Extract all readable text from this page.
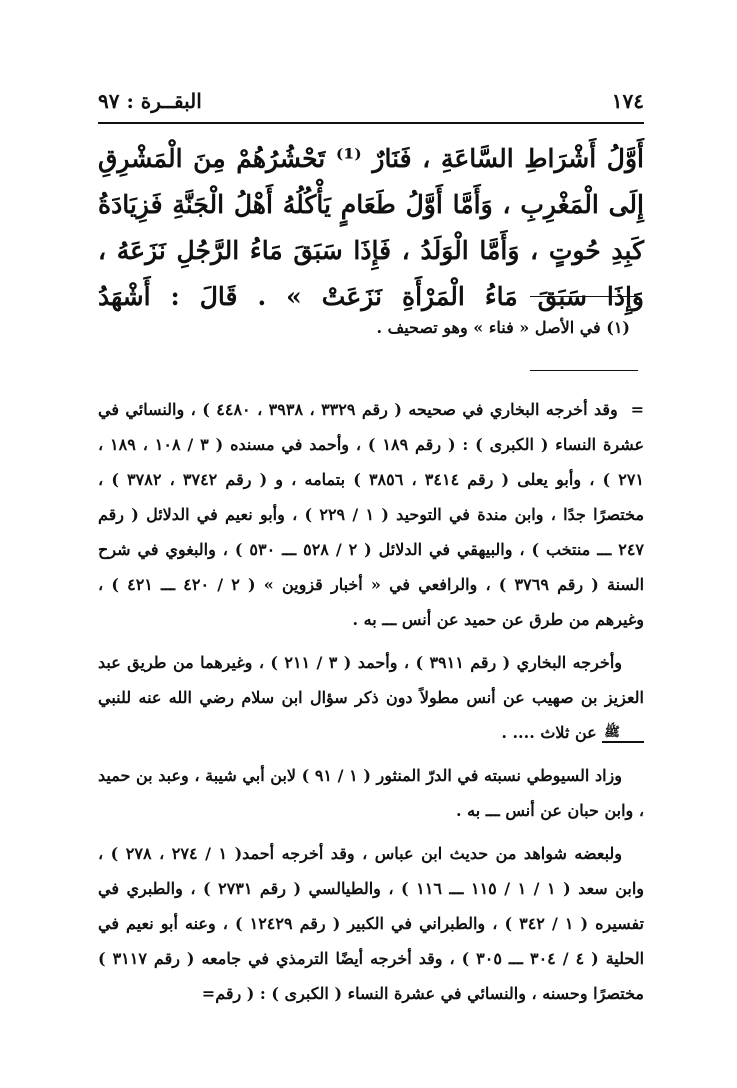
١٧٤
البقــرة : ٩٧
أَوَّلُ أَشْرَاطِ السَّاعَةِ ، فَنَارٌ ⁽¹⁾ تَحْشُرُهُمْ مِنَ الْمَشْرِقِ إِلَى الْمَغْرِبِ ، وَأَمَّا أَوَّلُ طَعَامٍ يَأْكُلُهُ أَهْلُ الْجَنَّةِ فَزِيَادَةُ كَبِدِ حُوتٍ ، وَأَمَّا الْوَلَدُ ، فَإِذَا سَبَقَ مَاءُ الرَّجُلِ نَزَعَهُ ، وَإِذَا سَبَقَ مَاءُ الْمَرْأَةِ نَزَعَتْ » . قَالَ : أَشْهَدُ
(١) في الأصل « فناء » وهو تصحيف .

=  وقد أخرجه البخاري في صحيحه ( رقم ٣٣٢٩ ، ٣٩٣٨ ، ٤٤٨٠ ) ، والنسائي في عشرة النساء ( الكبرى ) : ( رقم ١٨٩ ) ، وأحمد في مسنده ( ٣ / ١٠٨ ، ١٨٩ ، ٢٧١ ) ، وأبو يعلى ( رقم ٣٤١٤ ، ٣٨٥٦ ) بتمامه ، و ( رقم ٣٧٤٢ ، ٣٧٨٢ ) ، مختصرًا جدًا ، وابن مندة في التوحيد ( ١ / ٢٢٩ ) ، وأبو نعيم في الدلائل ( رقم ٢٤٧ ـــ منتخب ) ، والبيهقي في الدلائل ( ٢ / ٥٢٨ ـــ ٥٣٠ ) ، والبغوي في شرح السنة ( رقم ٣٧٦٩ ) ، والرافعي في « أخبار قزوين » ( ٢ / ٤٢٠ ـــ ٤٢١ ) ، وغيرهم من طرق عن حميد عن أنس ـــ به .

وأخرجه البخاري ( رقم ٣٩١١ ) ، وأحمد ( ٣ / ٢١١ ) ، وغيرهما من طريق عبد العزيز بن صهيب عن أنس مطولاً دون ذكر سؤال ابن سلام رضي الله عنه للنبي ﷺ عن ثلاث .... .

وزاد السيوطي نسبته في الدرّ المنثور ( ١ / ٩١ ) لابن أبي شيبة ، وعبد بن حميد ، وابن حبان عن أنس ـــ به .

ولبعضه شواهد من حديث ابن عباس ، وقد أخرجه أحمد( ١ / ٢٧٤ ، ٢٧٨ ) ، وابن سعد ( ١ / ١ / ١١٥ ـــ ١١٦ ) ، والطيالسي ( رقم ٢٧٣١ ) ، والطبري في تفسيره ( ١ / ٣٤٢ ) ، والطبراني في الكبير ( رقم ١٢٤٢٩ ) ، وعنه أبو نعيم في الحلية ( ٤ / ٣٠٤ ـــ ٣٠٥ ) ، وقد أخرجه أيضًا الترمذي في جامعه ( رقم ٣١١٧ ) مختصرًا وحسنه ، والنسائي في عشرة النساء ( الكبرى ) : ( رقم=
